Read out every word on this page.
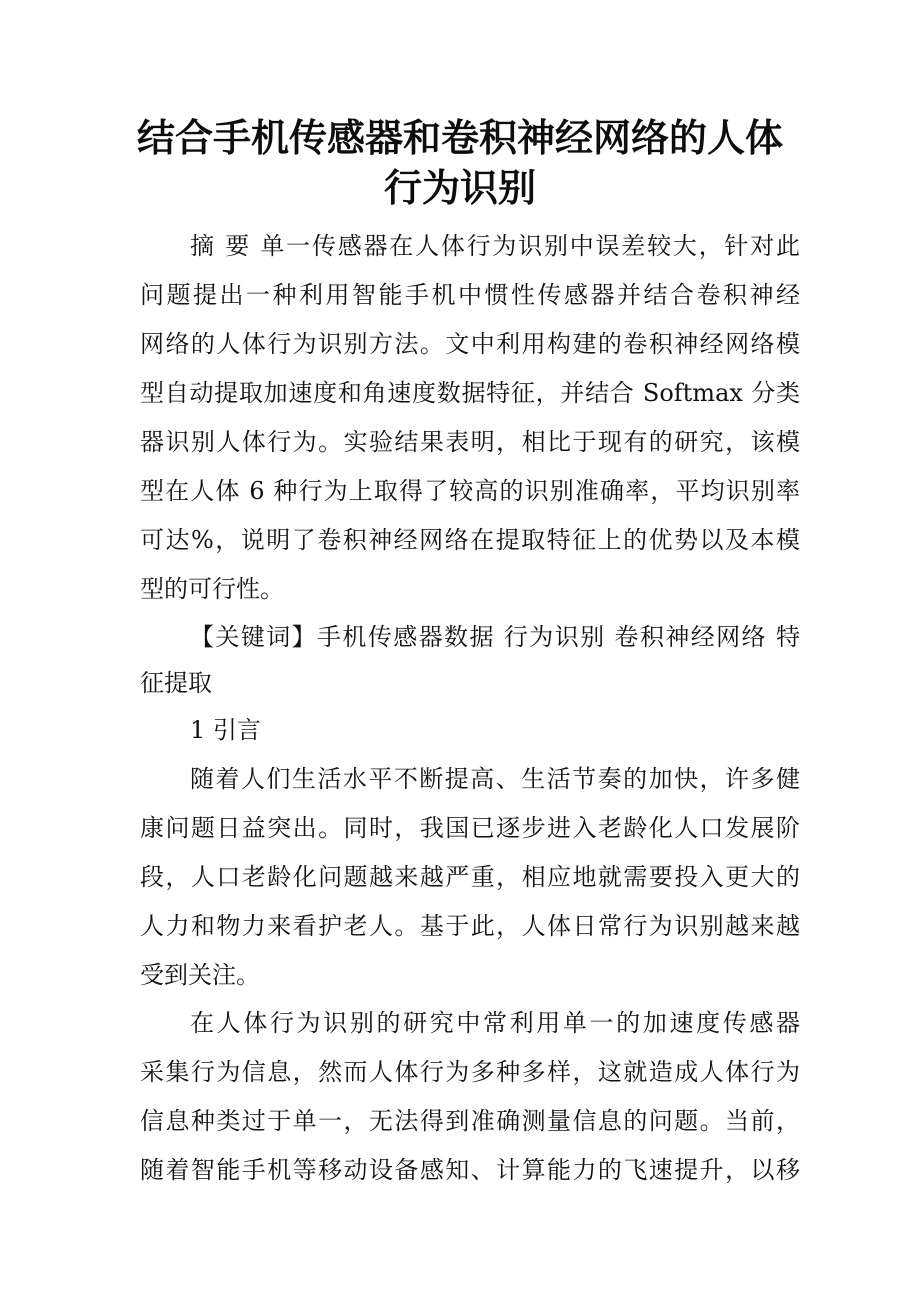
结合手机传感器和卷积神经网络的人体
行为识别
摘 要 单一传感器在人体行为识别中误差较大，针对此
问题提出一种利用智能手机中惯性传感器并结合卷积神经
网络的人体行为识别方法。文中利用构建的卷积神经网络模
型自动提取加速度和角速度数据特征，并结合 Softmax 分类
器识别人体行为。实验结果表明，相比于现有的研究，该模
型在人体 6 种行为上取得了较高的识别准确率，平均识别率
可达%，说明了卷积神经网络在提取特征上的优势以及本模
型的可行性。
【关键词】手机传感器数据 行为识别 卷积神经网络 特
征提取
1 引言
随着人们生活水平不断提高、生活节奏的加快，许多健
康问题日益突出。同时，我国已逐步进入老龄化人口发展阶
段，人口老龄化问题越来越严重，相应地就需要投入更大的
人力和物力来看护老人。基于此，人体日常行为识别越来越
受到关注。
在人体行为识别的研究中常利用单一的加速度传感器
采集行为信息，然而人体行为多种多样，这就造成人体行为
信息种类过于单一，无法得到准确测量信息的问题。当前，
随着智能手机等移动设备感知、计算能力的飞速提升，以移
